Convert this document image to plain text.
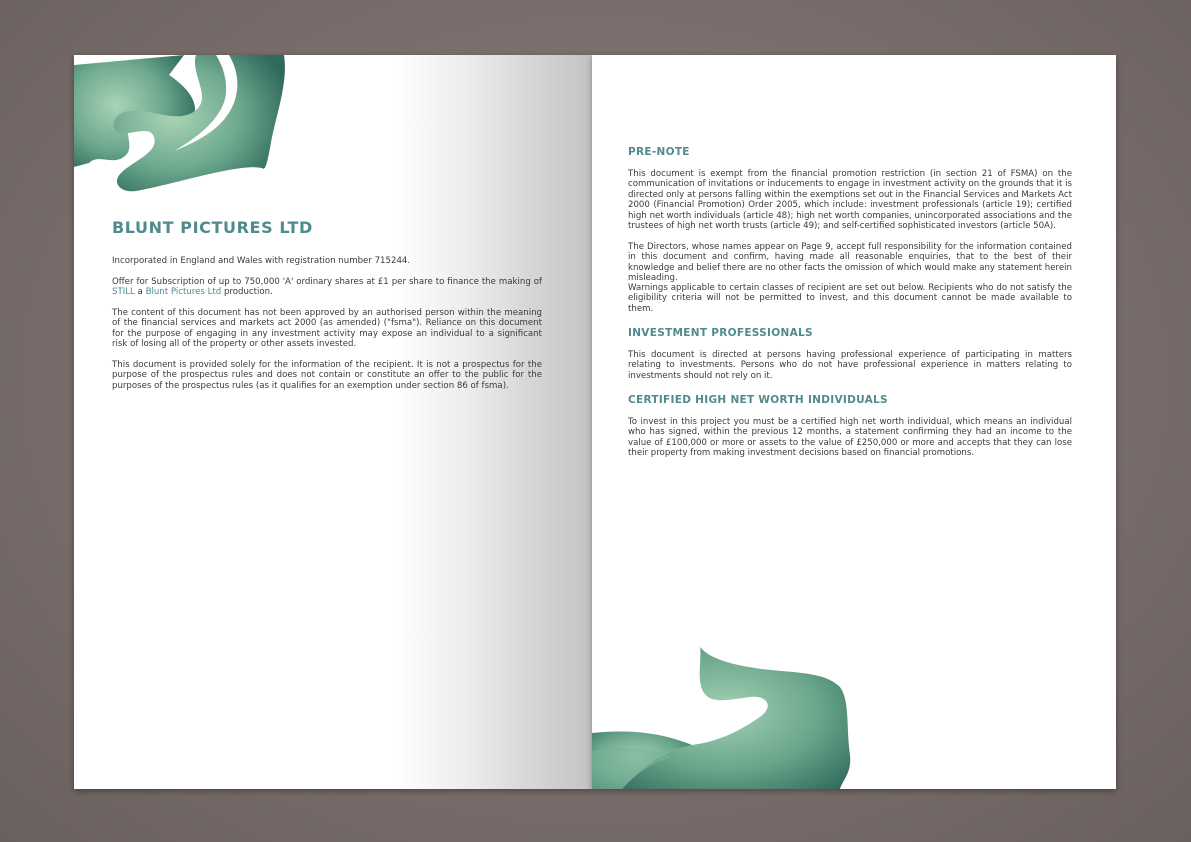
BLUNT PICTURES LTD

Incorporated in England and Wales with registration number 715244.

Offer for Subscription of up to 750,000 'A' ordinary shares at £1 per share to finance the making of STILL a Blunt Pictures Ltd production.

The content of this document has not been approved by an authorised person within the meaning of the financial services and markets act 2000 (as amended) ("fsma"). Reliance on this document for the purpose of engaging in any investment activity may expose an individual to a significant risk of losing all of the property or other assets invested.

This document is provided solely for the information of the recipient. It is not a prospectus for the purpose of the prospectus rules and does not contain or constitute an offer to the public for the purposes of the prospectus rules (as it qualifies for an exemption under section 86 of fsma).

PRE-NOTE

This document is exempt from the financial promotion restriction (in section 21 of FSMA) on the communication of invitations or inducements to engage in investment activity on the grounds that it is directed only at persons falling within the exemptions set out in the Financial Services and Markets Act 2000 (Financial Promotion) Order 2005, which include: investment professionals (article 19); certified high net worth individuals (article 48); high net worth companies, unincorporated associations and the trustees of high net worth trusts (article 49); and self-certified sophisticated investors (article 50A).

The Directors, whose names appear on Page 9, accept full responsibility for the information contained in this document and confirm, having made all reasonable enquiries, that to the best of their knowledge and belief there are no other facts the omission of which would make any statement herein misleading.

Warnings applicable to certain classes of recipient are set out below. Recipients who do not satisfy the eligibility criteria will not be permitted to invest, and this document cannot be made available to them.

INVESTMENT PROFESSIONALS

This document is directed at persons having professional experience of participating in matters relating to investments. Persons who do not have professional experience in matters relating to investments should not rely on it.

CERTIFIED HIGH NET WORTH INDIVIDUALS

To invest in this project you must be a certified high net worth individual, which means an individual who has signed, within the previous 12 months, a statement confirming they had an income to the value of £100,000 or more or assets to the value of £250,000 or more and accepts that they can lose their property from making investment decisions based on financial promotions.
